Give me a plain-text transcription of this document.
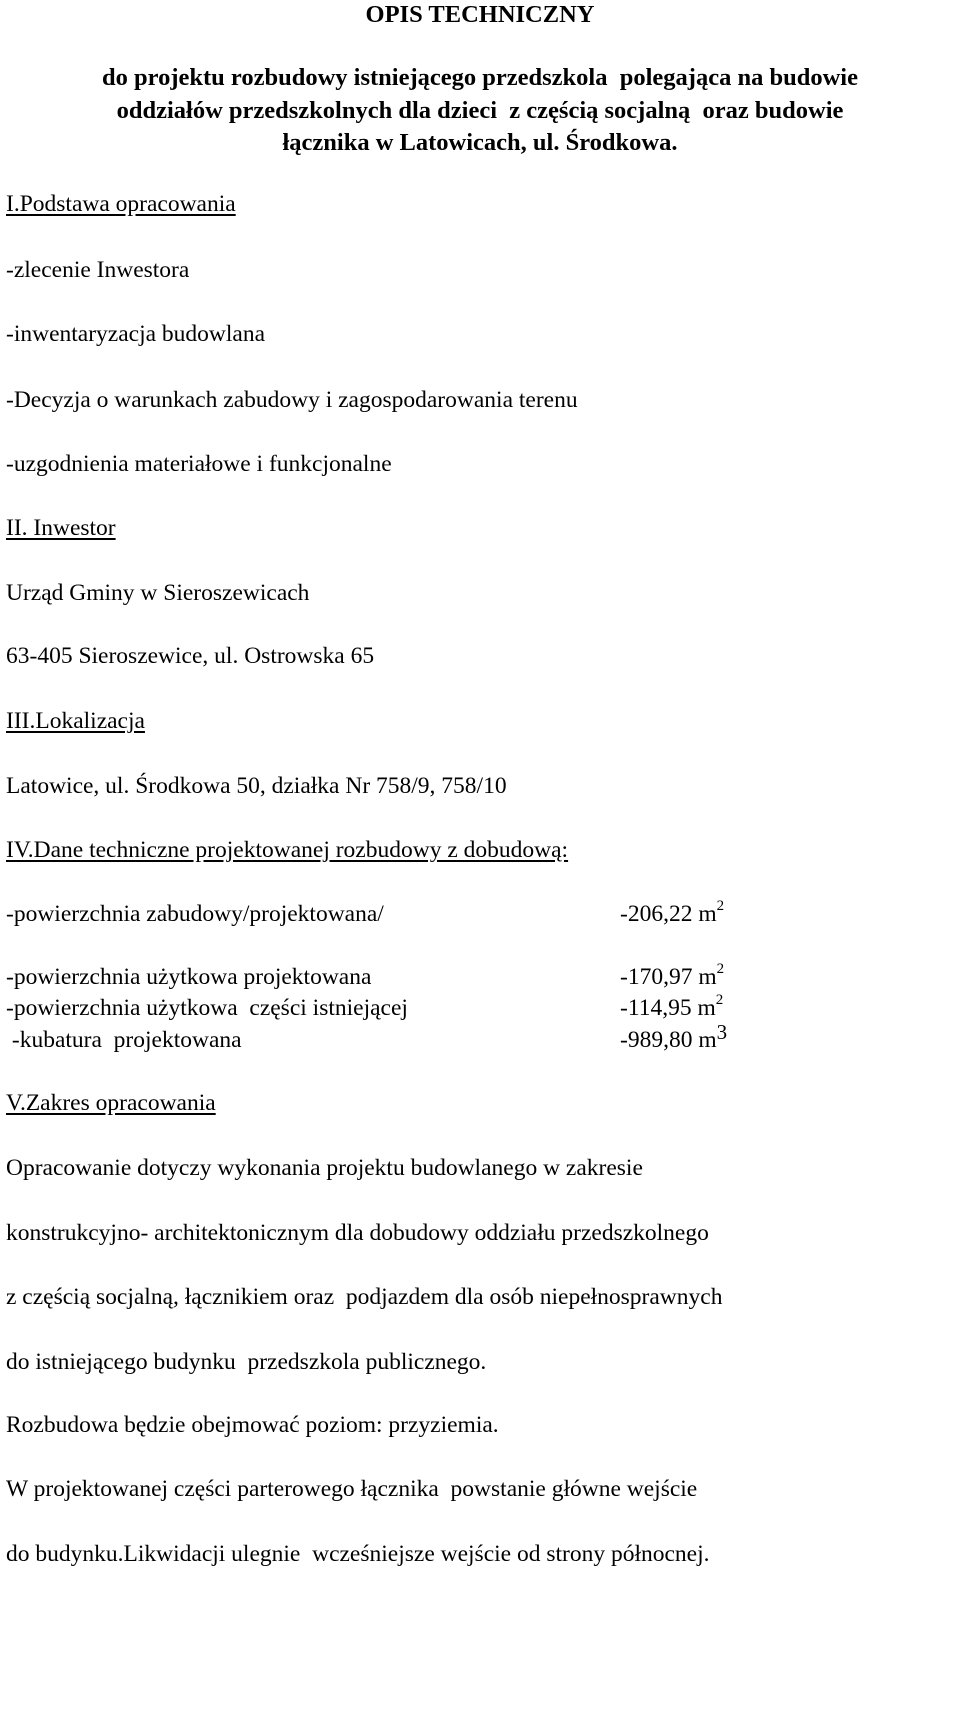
OPIS TECHNICZNY
do projektu rozbudowy istniejącego przedszkola  polegająca na budowie
oddziałów przedszkolnych dla dzieci  z częścią socjalną  oraz budowie
łącznika w Latowicach, ul. Środkowa.
I.Podstawa opracowania
-zlecenie Inwestora
-inwentaryzacja budowlana
-Decyzja o warunkach zabudowy i zagospodarowania terenu
-uzgodnienia materiałowe i funkcjonalne
II. Inwestor
Urząd Gminy w Sieroszewicach
63-405 Sieroszewice, ul. Ostrowska 65
III.Lokalizacja
Latowice, ul. Środkowa 50, działka Nr 758/9, 758/10
IV.Dane techniczne projektowanej rozbudowy z dobudową:
-powierzchnia zabudowy/projektowana/	-206,22 $m^2$
-powierzchnia użytkowa projektowana	-170,97 $m^2$
-powierzchnia użytkowa  części istniejącej	-114,95 $m^2$
-kubatura  projektowana	-989,80 $m^3$
V.Zakres opracowania
Opracowanie dotyczy wykonania projektu budowlanego w zakresie
konstrukcyjno- architektonicznym dla dobudowy oddziału przedszkolnego
z częścią socjalną, łącznikiem oraz  podjazdem dla osób niepełnosprawnych
do istniejącego budynku  przedszkola publicznego.
Rozbudowa będzie obejmować poziom: przyziemia.
W projektowanej części parterowego łącznika  powstanie główne wejście
do budynku.Likwidacji ulegnie  wcześniejsze wejście od strony północnej.
